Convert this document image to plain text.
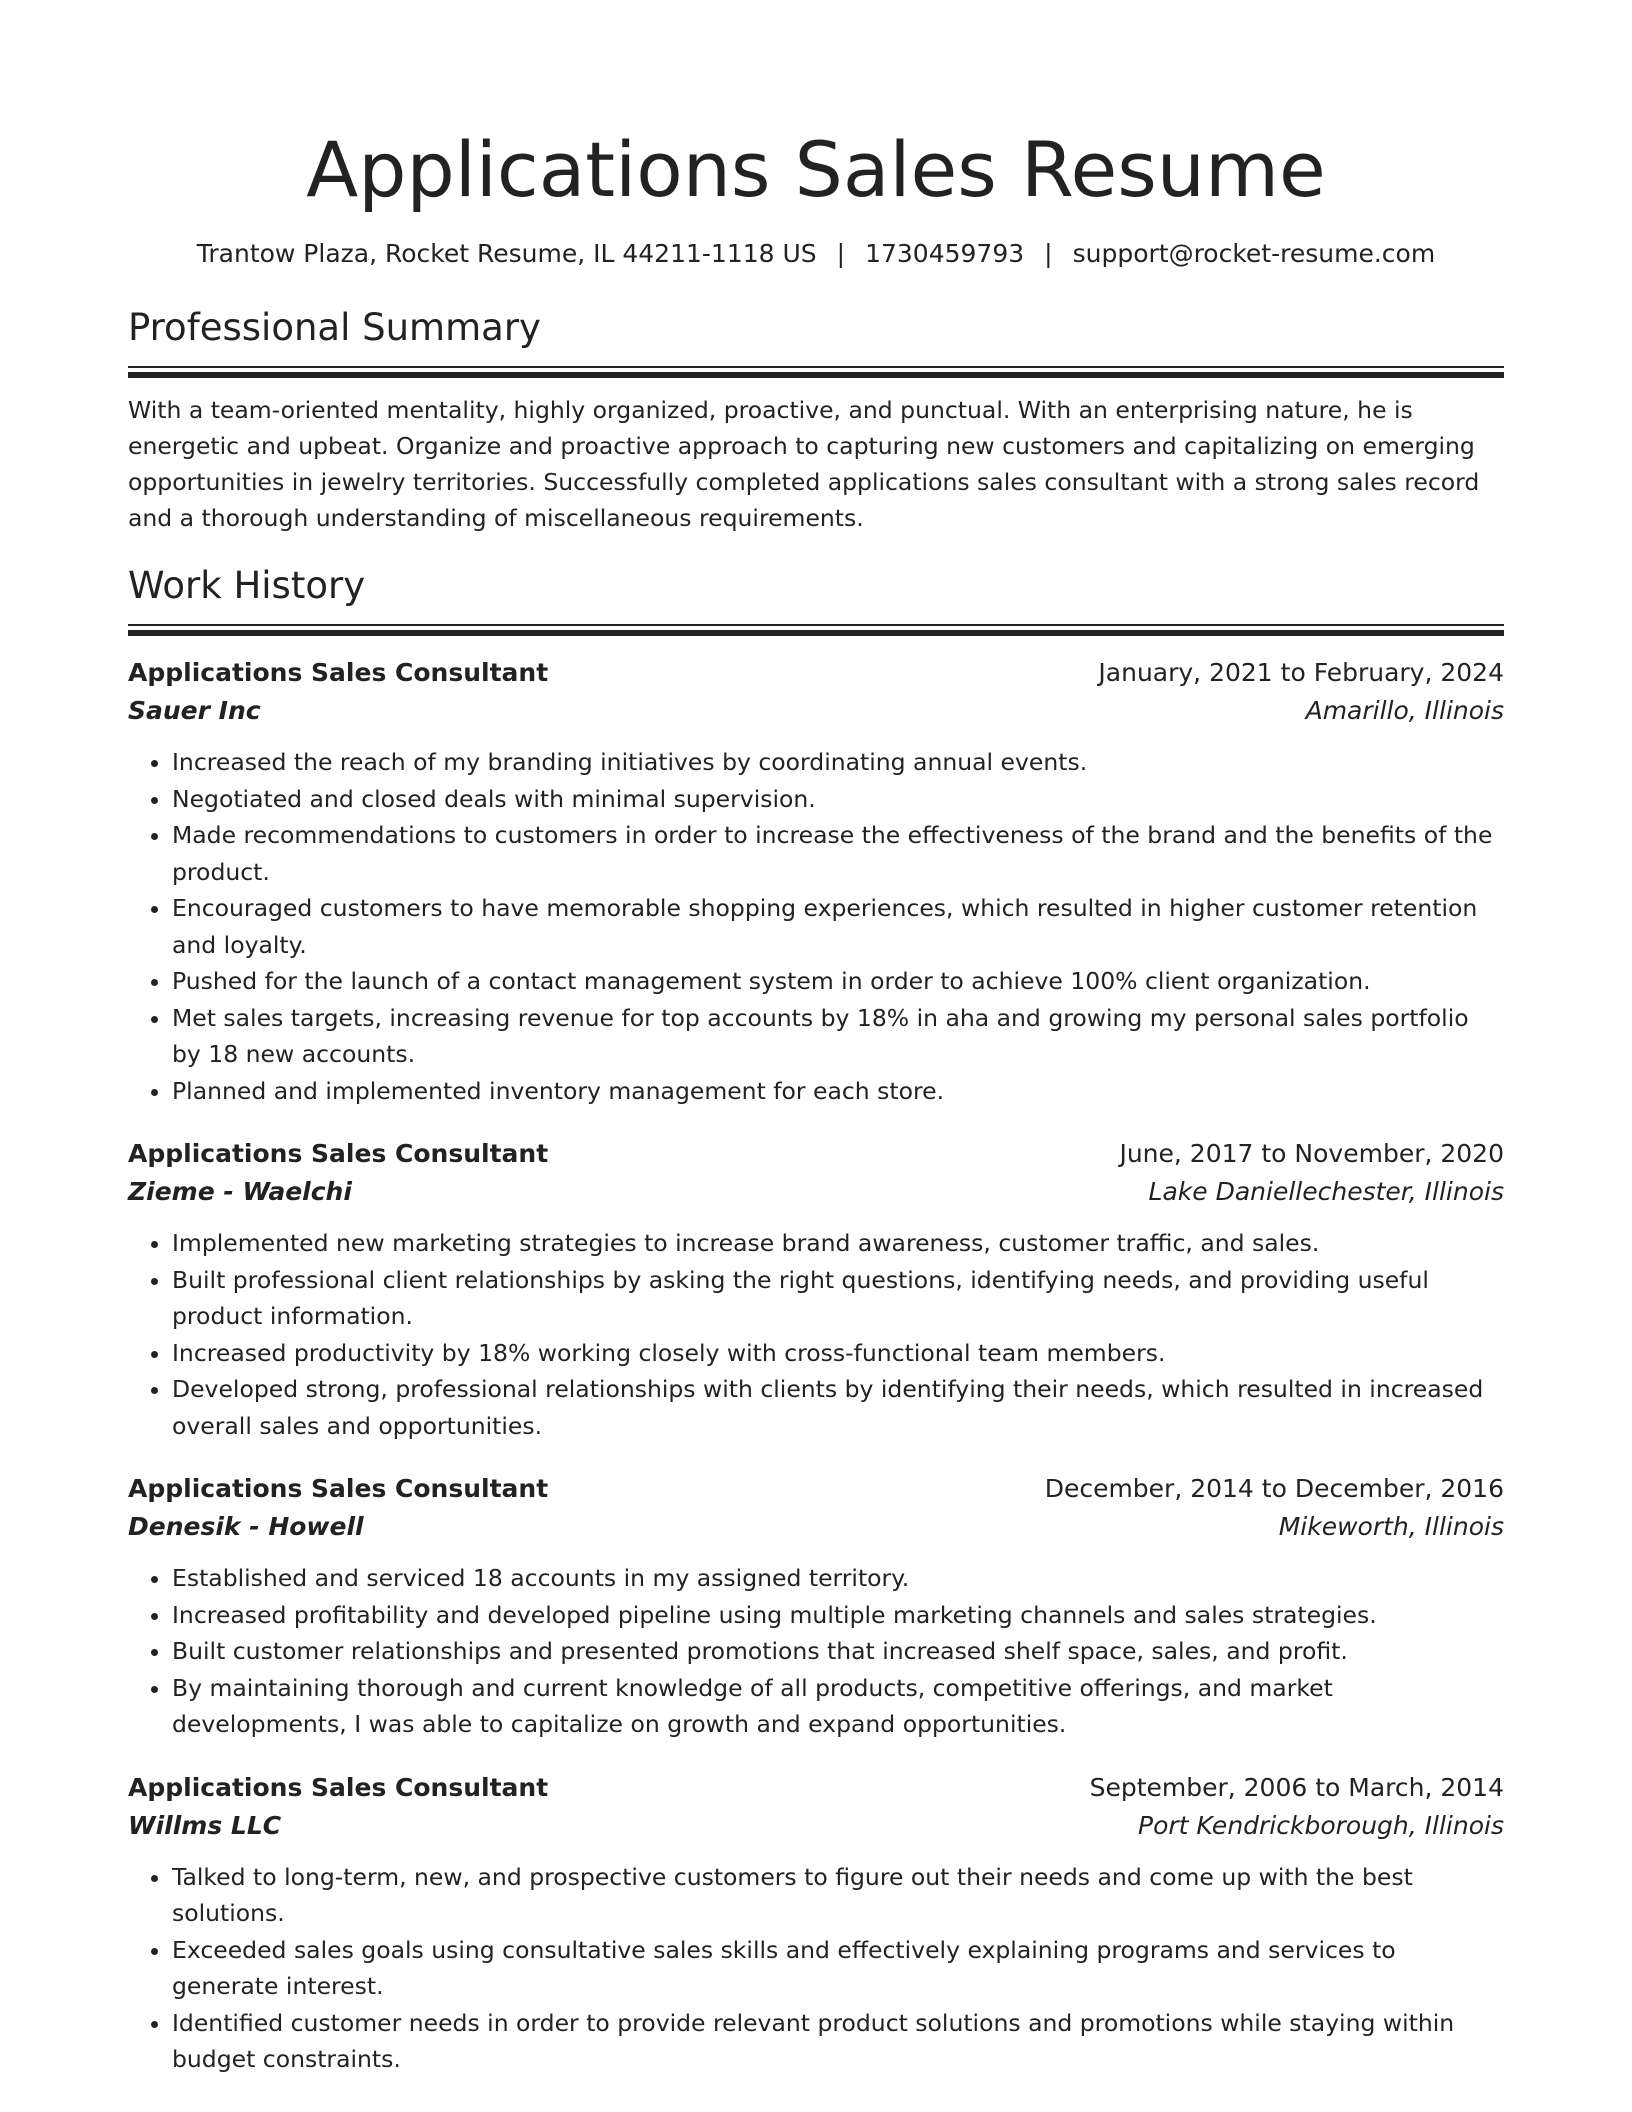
Applications Sales Resume
Trantow Plaza, Rocket Resume, IL 44211-1118 US | 1730459793 | support@rocket-resume.com
Professional Summary
With a team-oriented mentality, highly organized, proactive, and punctual. With an enterprising nature, he is energetic and upbeat. Organize and proactive approach to capturing new customers and capitalizing on emerging opportunities in jewelry territories. Successfully completed applications sales consultant with a strong sales record and a thorough understanding of miscellaneous requirements.
Work History
Applications Sales Consultant	January, 2021 to February, 2024
Sauer Inc	Amarillo, Illinois
• Increased the reach of my branding initiatives by coordinating annual events.
• Negotiated and closed deals with minimal supervision.
• Made recommendations to customers in order to increase the effectiveness of the brand and the benefits of the product.
• Encouraged customers to have memorable shopping experiences, which resulted in higher customer retention and loyalty.
• Pushed for the launch of a contact management system in order to achieve 100% client organization.
• Met sales targets, increasing revenue for top accounts by 18% in aha and growing my personal sales portfolio by 18 new accounts.
• Planned and implemented inventory management for each store.
Applications Sales Consultant	June, 2017 to November, 2020
Zieme - Waelchi	Lake Daniellechester, Illinois
• Implemented new marketing strategies to increase brand awareness, customer traffic, and sales.
• Built professional client relationships by asking the right questions, identifying needs, and providing useful product information.
• Increased productivity by 18% working closely with cross-functional team members.
• Developed strong, professional relationships with clients by identifying their needs, which resulted in increased overall sales and opportunities.
Applications Sales Consultant	December, 2014 to December, 2016
Denesik - Howell	Mikeworth, Illinois
• Established and serviced 18 accounts in my assigned territory.
• Increased profitability and developed pipeline using multiple marketing channels and sales strategies.
• Built customer relationships and presented promotions that increased shelf space, sales, and profit.
• By maintaining thorough and current knowledge of all products, competitive offerings, and market developments, I was able to capitalize on growth and expand opportunities.
Applications Sales Consultant	September, 2006 to March, 2014
Willms LLC	Port Kendrickborough, Illinois
• Talked to long-term, new, and prospective customers to figure out their needs and come up with the best solutions.
• Exceeded sales goals using consultative sales skills and effectively explaining programs and services to generate interest.
• Identified customer needs in order to provide relevant product solutions and promotions while staying within budget constraints.
